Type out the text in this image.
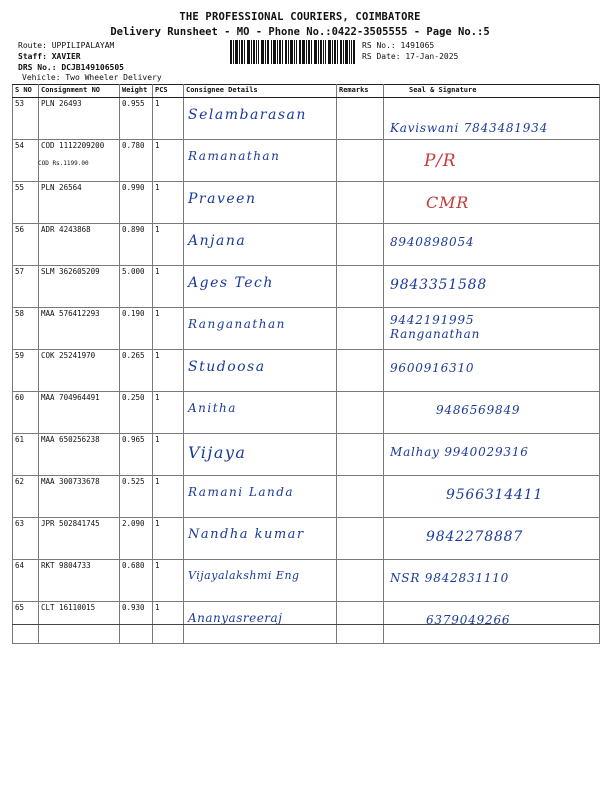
THE PROFESSIONAL COURIERS, COIMBATORE
Delivery Runsheet - MO - Phone No.:0422-3505555 - Page No.:5
Route: UPPILIPALAYAM
Staff: XAVIER
DRS No.: DCJB149106505
Vehicle: Two Wheeler Delivery
RS No.: 1491065
RS Date: 17-Jan-2025
S NO	Consignment NO	Weight	PCS	Consignee Details	Remarks	Seal & Signature
53	PLN 26493	0.955	1	Selambarasan		Kaviswani 7843481934

54	COD 1112209200
COD Rs.1199.00	0.780	1	Ramanathan		P/R

55	PLN 26564	0.990	1	Praveen		CMR

56	ADR 4243868	0.890	1	Anjana		8940898054

57	SLM 362605209	5.000	1	Ages Tech		9843351588

58	MAA 576412293	0.190	1	Ranganathan		9442191995 Ranganathan

59	COK 25241970	0.265	1	Studoosa		9600916310

60	MAA 704964491	0.250	1	Anitha		9486569849

61	MAA 650256238	0.965	1	Vijaya		Malhay 9940029316

62	MAA 300733678	0.525	1	Ramani Landa		9566314411

63	JPR 502841745	2.090	1	Nandha kumar		9842278887

64	RKT 9804733	0.680	1	Vijayalakshmi Eng		NSR 9842831110

65	CLT 16110015	0.930	1	Ananyasreeraj		6379049266
